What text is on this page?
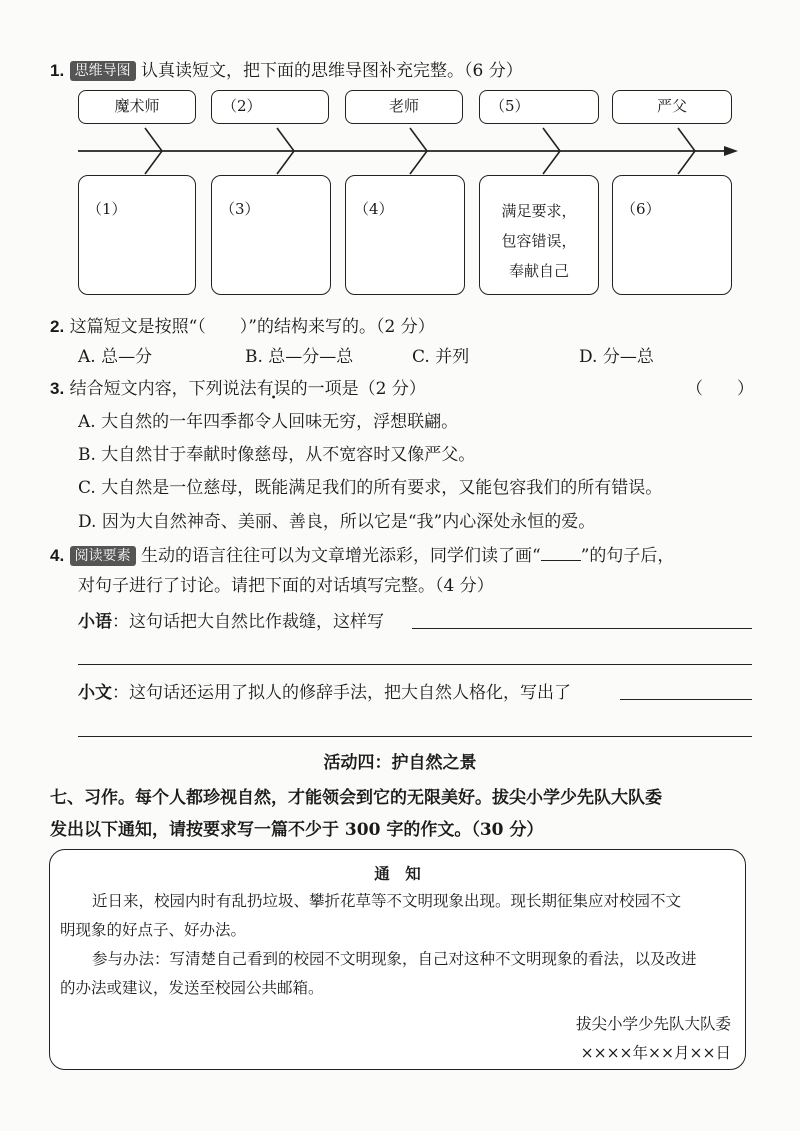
1. 思维导图 认真读短文，把下面的思维导图补充完整。（6 分）
魔术师	（2）	老师	（5）	严父
（1）	（3）	（4）	满足要求，
包容错误，
奉献自己
（6）
2. 这篇短文是按照“（　　）”的结构来写的。（2 分）
A. 总—分	B. 总—分—总	C. 并列	D. 分—总
3. 结合短文内容，下列说法有误的一项是（2 分）	（　　）
A. 大自然的一年四季都令人回味无穷，浮想联翩。
B. 大自然甘于奉献时像慈母，从不宽容时又像严父。
C. 大自然是一位慈母，既能满足我们的所有要求，又能包容我们的所有错误。
D. 因为大自然神奇、美丽、善良，所以它是“我”内心深处永恒的爱。
4. 阅读要素 生动的语言往往可以为文章增光添彩，同学们读了画“ ”的句子后，
对句子进行了讨论。请把下面的对话填写完整。（4 分）
小语：这句话把大自然比作裁缝，这样写
小文：这句话还运用了拟人的修辞手法，把大自然人格化，写出了
活动四：护自然之景
七、习作。每个人都珍视自然，才能领会到它的无限美好。拔尖小学少先队大队委
发出以下通知，请按要求写一篇不少于 300 字的作文。（30 分）
通　知

近日来，校园内时有乱扔垃圾、攀折花草等不文明现象出现。现长期征集应对校园不文

明现象的好点子、好办法。

参与办法：写清楚自己看到的校园不文明现象，自己对这种不文明现象的看法，以及改进

的办法或建议，发送至校园公共邮箱。

拔尖小学少先队大队委

××××年××月××日
